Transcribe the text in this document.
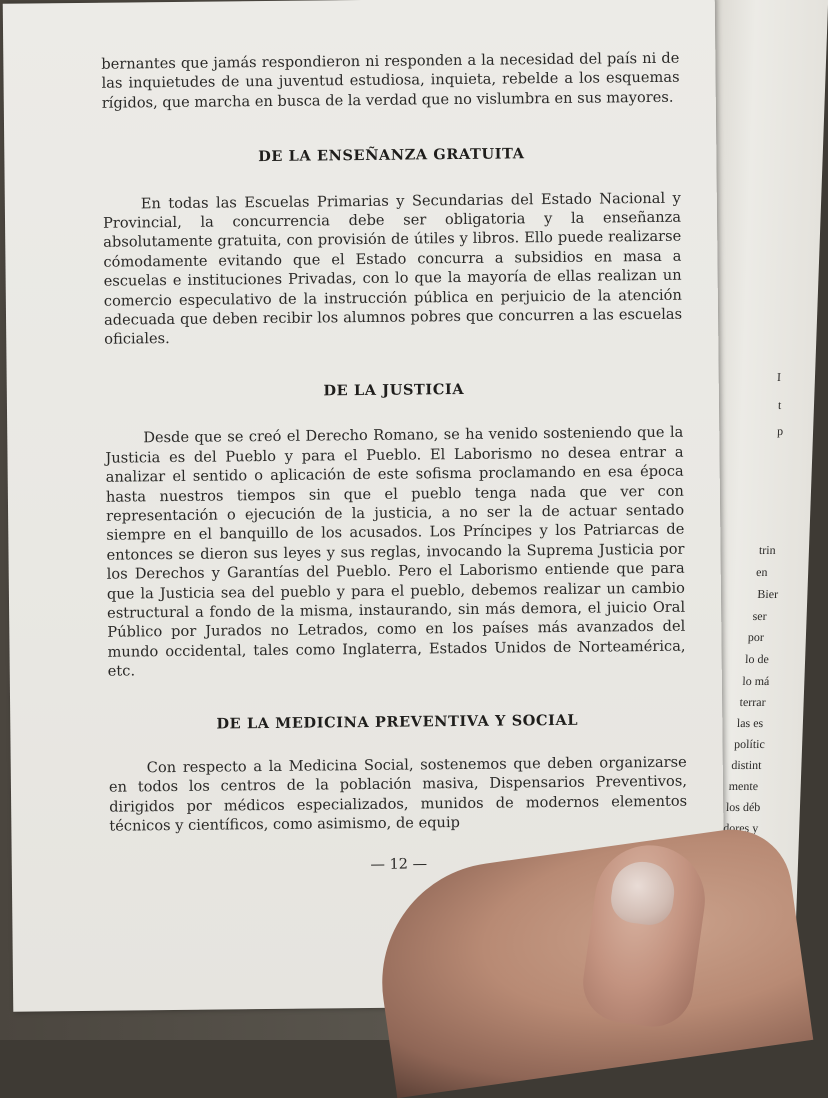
I
t
p
trin
en
Bier
ser
por
lo de
lo má
terrar
las es
polític
distint
mente
los déb
dores y

bernantes que jamás respondieron ni responden a la necesidad del país ni de las inquietudes de una juventud estudiosa, inquieta, rebelde a los esquemas rígidos, que marcha en busca de la verdad que no vislumbra en sus mayores.

DE LA ENSEÑANZA GRATUITA

En todas las Escuelas Primarias y Secundarias del Estado Nacional y Provincial, la concurrencia debe ser obligatoria y la enseñanza absolutamente gratuita, con provisión de útiles y libros. Ello puede realizarse cómodamente evitando que el Estado concurra a subsidios en masa a escuelas e instituciones Privadas, con lo que la mayoría de ellas realizan un comercio especulativo de la instrucción pública en perjuicio de la atención adecuada que deben recibir los alumnos pobres que concurren a las escuelas oficiales.

DE LA JUSTICIA

Desde que se creó el Derecho Romano, se ha venido sosteniendo que la Justicia es del Pueblo y para el Pueblo. El Laborismo no desea entrar a analizar el sentido o aplicación de este sofisma proclamando en esa época hasta nuestros tiempos sin que el pueblo tenga nada que ver con representación o ejecución de la justicia, a no ser la de actuar sentado siempre en el banquillo de los acusados. Los Príncipes y los Patriarcas de entonces se dieron sus leyes y sus reglas, invocando la Suprema Justicia por los Derechos y Garantías del Pueblo. Pero el Laborismo entiende que para que la Justicia sea del pueblo y para el pueblo, debemos realizar un cambio estructural a fondo de la misma, instaurando, sin más demora, el juicio Oral Público por Jurados no Letrados, como en los países más avanzados del mundo occidental, tales como Inglaterra, Estados Unidos de Norteamérica, etc.

DE LA MEDICINA PREVENTIVA Y SOCIAL

Con respecto a la Medicina Social, sostenemos que deben organizarse en todos los centros de la población masiva, Dispensarios Preventivos, dirigidos por médicos especializados, munidos de modernos elementos técnicos y científicos, como asimismo, de equip

— 12 —
